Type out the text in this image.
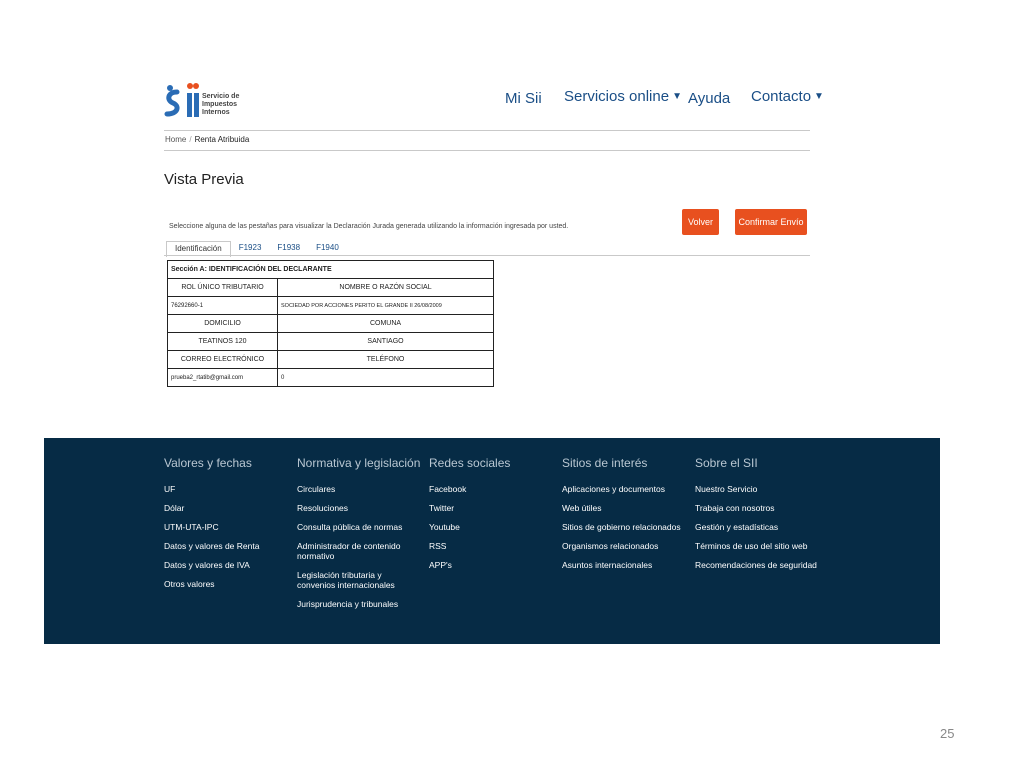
Servicio de
Impuestos
Internos
Mi Sii Servicios online ▼ Ayuda Contacto ▼
Home / Renta Atribuida
Vista Previa
Seleccione alguna de las pestañas para visualizar la Declaración Jurada generada utilizando la información ingresada por usted.	Volver	Confirmar Envío
Identificación	F1923	F1938	F1940
Sección A: IDENTIFICACIÓN DEL DECLARANTE	
ROL ÚNICO TRIBUTARIO	NOMBRE O RAZÓN SOCIAL
76292660-1	SOCIEDAD POR ACCIONES PERITO EL GRANDE II 26/08/2009
DOMICILIO	COMUNA
TEATINOS 120	SANTIAGO
CORREO ELECTRÓNICO	TELÉFONO
prueba2_rtatib@gmail.com	0
Valores y fechas
UF
Dólar
UTM-UTA-IPC
Datos y valores de Renta
Datos y valores de IVA
Otros valores
Normativa y legislación
Circulares
Resoluciones
Consulta pública de normas
Administrador de contenido normativo
Legislación tributaria y convenios internacionales
Jurisprudencia y tribunales
Redes sociales
Facebook
Twitter
Youtube
RSS
APP's
Sitios de interés
Aplicaciones y documentos
Web útiles
Sitios de gobierno relacionados
Organismos relacionados
Asuntos internacionales
Sobre el SII
Nuestro Servicio
Trabaja con nosotros
Gestión y estadísticas
Términos de uso del sitio web
Recomendaciones de seguridad
25
